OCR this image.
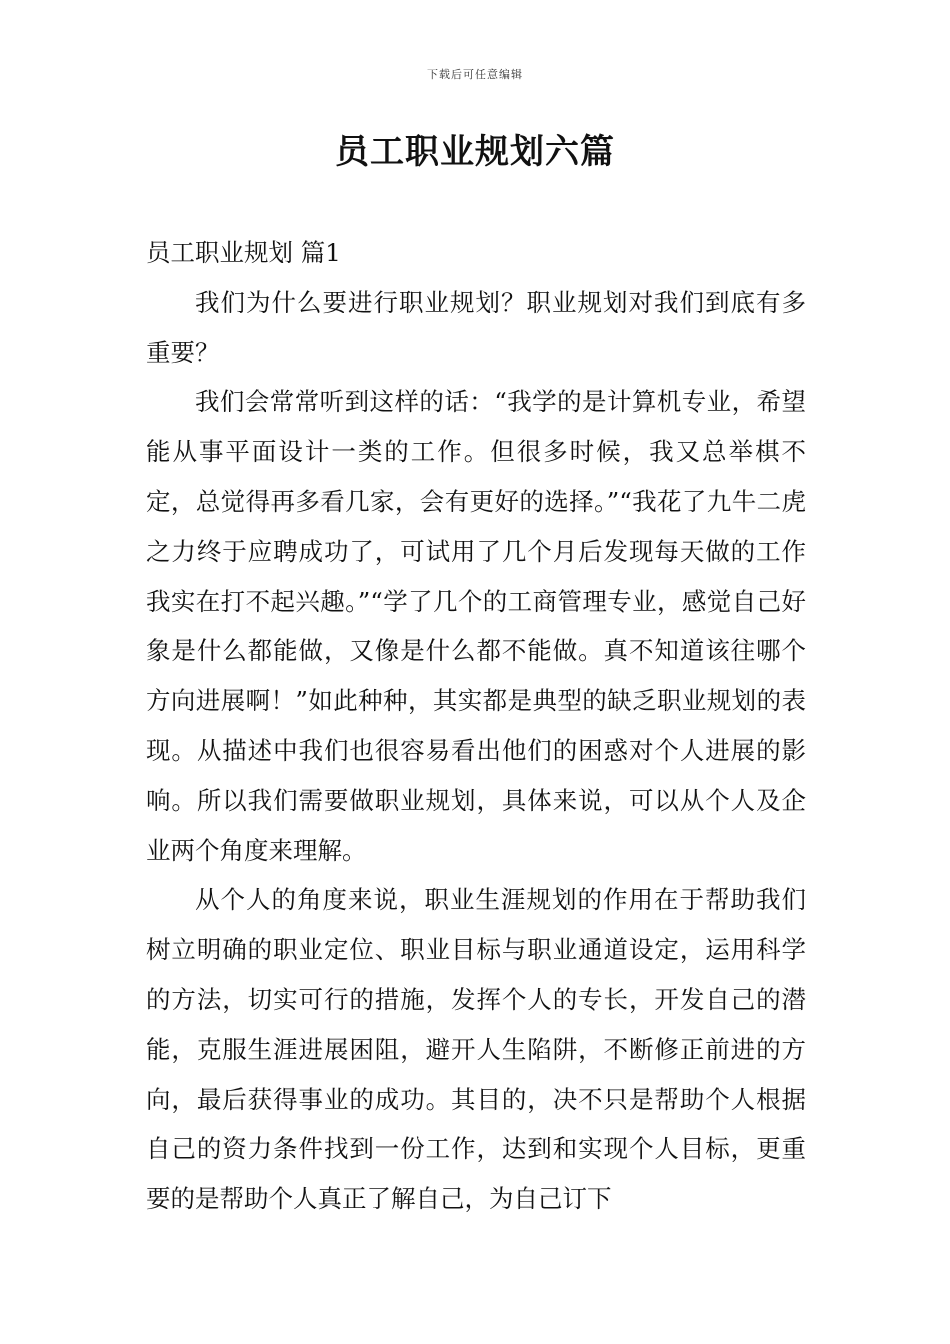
下载后可任意编辑
员工职业规划六篇

员工职业规划 篇1

我们为什么要进行职业规划？职业规划对我们到底有多重要？

我们会常常听到这样的话：“我学的是计算机专业，希望能从事平面设计一类的工作。但很多时候，我又总举棋不定，总觉得再多看几家，会有更好的选择。”“我花了九牛二虎之力终于应聘成功了，可试用了几个月后发现每天做的工作我实在打不起兴趣。”“学了几个的工商管理专业，感觉自己好象是什么都能做，又像是什么都不能做。真不知道该往哪个方向进展啊！”如此种种，其实都是典型的缺乏职业规划的表现。从描述中我们也很容易看出他们的困惑对个人进展的影响。所以我们需要做职业规划，具体来说，可以从个人及企业两个角度来理解。

从个人的角度来说，职业生涯规划的作用在于帮助我们树立明确的职业定位、职业目标与职业通道设定，运用科学的方法，切实可行的措施，发挥个人的专长，开发自己的潜能，克服生涯进展困阻，避开人生陷阱，不断修正前进的方向，最后获得事业的成功。其目的，决不只是帮助个人根据自己的资力条件找到一份工作，达到和实现个人目标，更重要的是帮助个人真正了解自己，为自己订下
